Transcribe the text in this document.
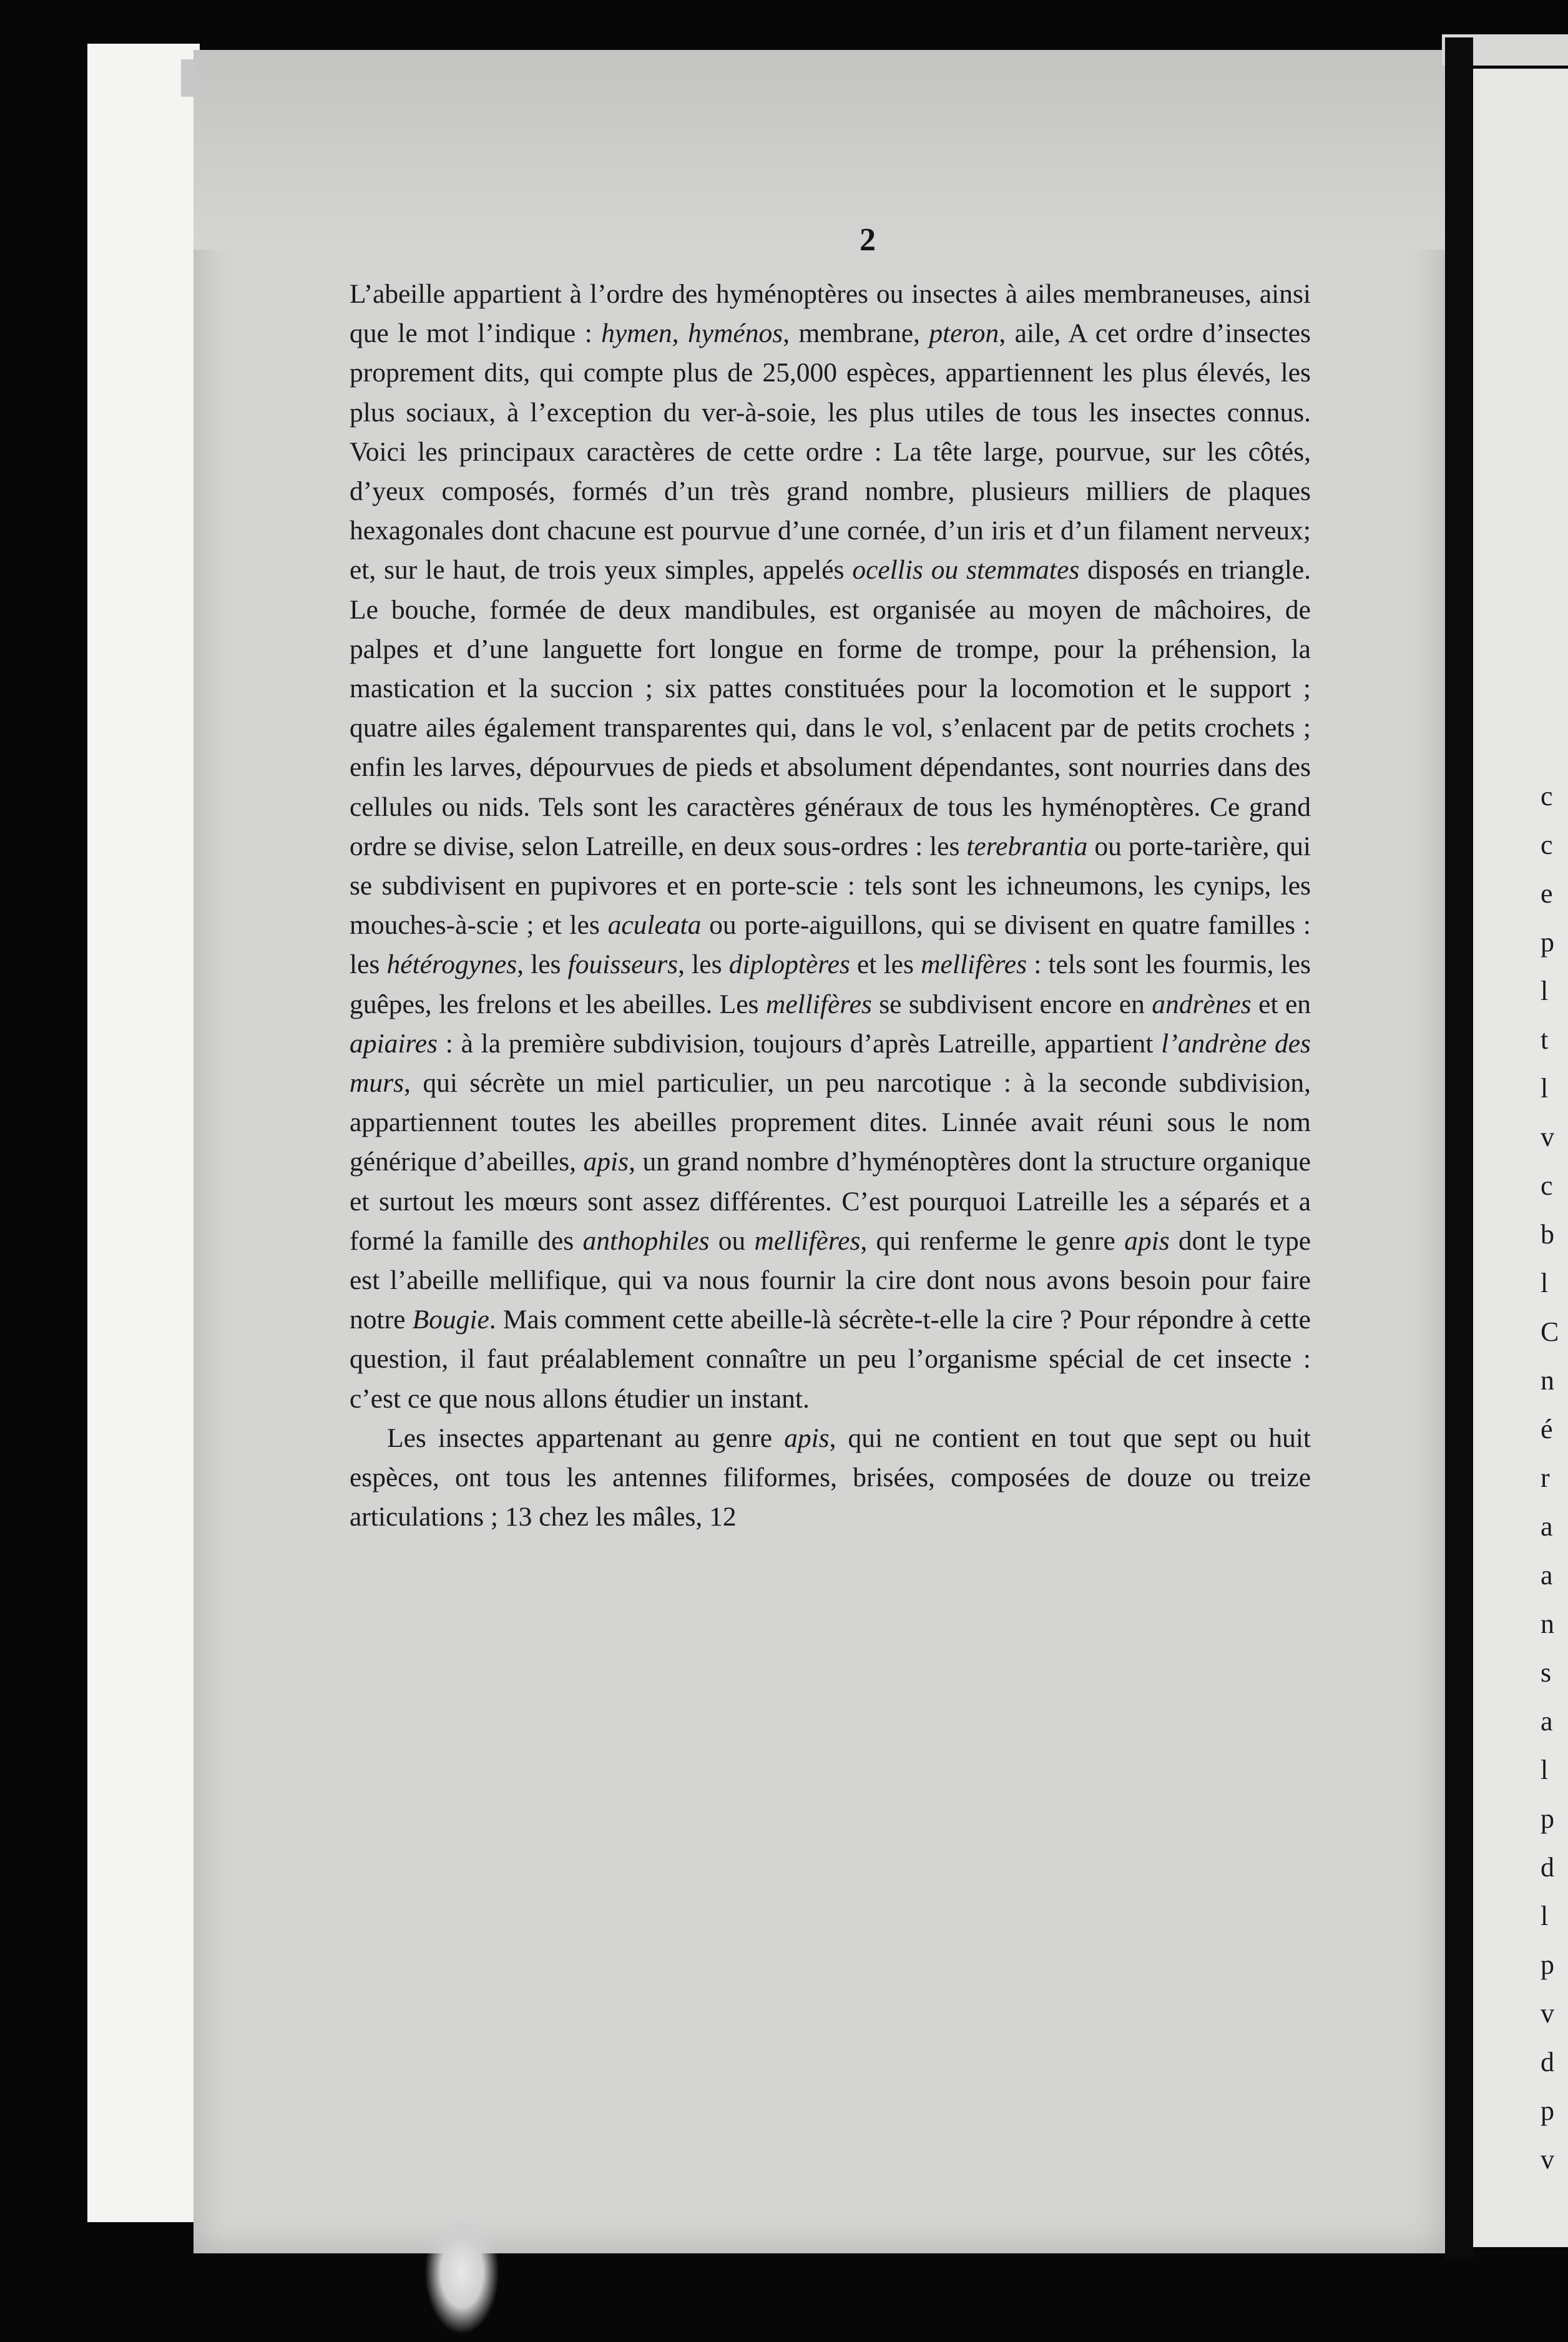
c
c
e
p
l
t
l
v
c
b
l
C
n
é
r
a
a
n
s
a
l
p
d
l
p
v
d
p
v
2

L’abeille appartient à l’ordre des hyménoptères ou insectes à ailes membraneuses, ainsi que le mot l’indique : hymen, hyménos, membrane, pteron, aile, A cet ordre d’insectes proprement dits, qui compte plus de 25,000 espèces, appartiennent les plus élevés, les plus sociaux, à l’exception du ver-à-soie, les plus utiles de tous les insectes connus. Voici les principaux caractères de cette ordre : La tête large, pourvue, sur les côtés, d’yeux composés, formés d’un très grand nombre, plusieurs milliers de plaques hexagonales dont chacune est pourvue d’une cornée, d’un iris et d’un filament nerveux; et, sur le haut, de trois yeux simples, appelés ocellis ou stemmates disposés en triangle. Le bouche, formée de deux mandibules, est organisée au moyen de mâchoires, de palpes et d’une languette fort longue en forme de trompe, pour la préhension, la mastication et la succion ; six pattes constituées pour la locomotion et le support ; quatre ailes également transparentes qui, dans le vol, s’enlacent par de petits crochets ; enfin les larves, dépourvues de pieds et absolument dépendantes, sont nourries dans des cellules ou nids. Tels sont les caractères généraux de tous les hyménoptères. Ce grand ordre se divise, selon Latreille, en deux sous-ordres : les terebrantia ou porte-tarière, qui se subdivisent en pupivores et en porte-scie : tels sont les ichneumons, les cynips, les mouches-à-scie ; et les aculeata ou porte-aiguillons, qui se divisent en quatre familles : les hétérogynes, les fouisseurs, les diploptères et les mellifères : tels sont les fourmis, les guêpes, les frelons et les abeilles. Les mellifères se subdivisent encore en andrènes et en apiaires : à la première subdivision, toujours d’après Latreille, appartient l’andrène des murs, qui sécrète un miel particulier, un peu narcotique : à la seconde subdivision, appartiennent toutes les abeilles proprement dites. Linnée avait réuni sous le nom générique d’abeilles, apis, un grand nombre d’hyménoptères dont la structure organique et surtout les mœurs sont assez différentes. C’est pourquoi Latreille les a séparés et a formé la famille des anthophiles ou mellifères, qui renferme le genre apis dont le type est l’abeille mellifique, qui va nous fournir la cire dont nous avons besoin pour faire notre Bougie. Mais comment cette abeille-là sécrète-t-elle la cire ? Pour répondre à cette question, il faut préalablement connaître un peu l’organisme spécial de cet insecte : c’est ce que nous allons étudier un instant.

Les insectes appartenant au genre apis, qui ne contient en tout que sept ou huit espèces, ont tous les antennes filiformes, brisées, composées de douze ou treize articulations ; 13 chez les mâles, 12
